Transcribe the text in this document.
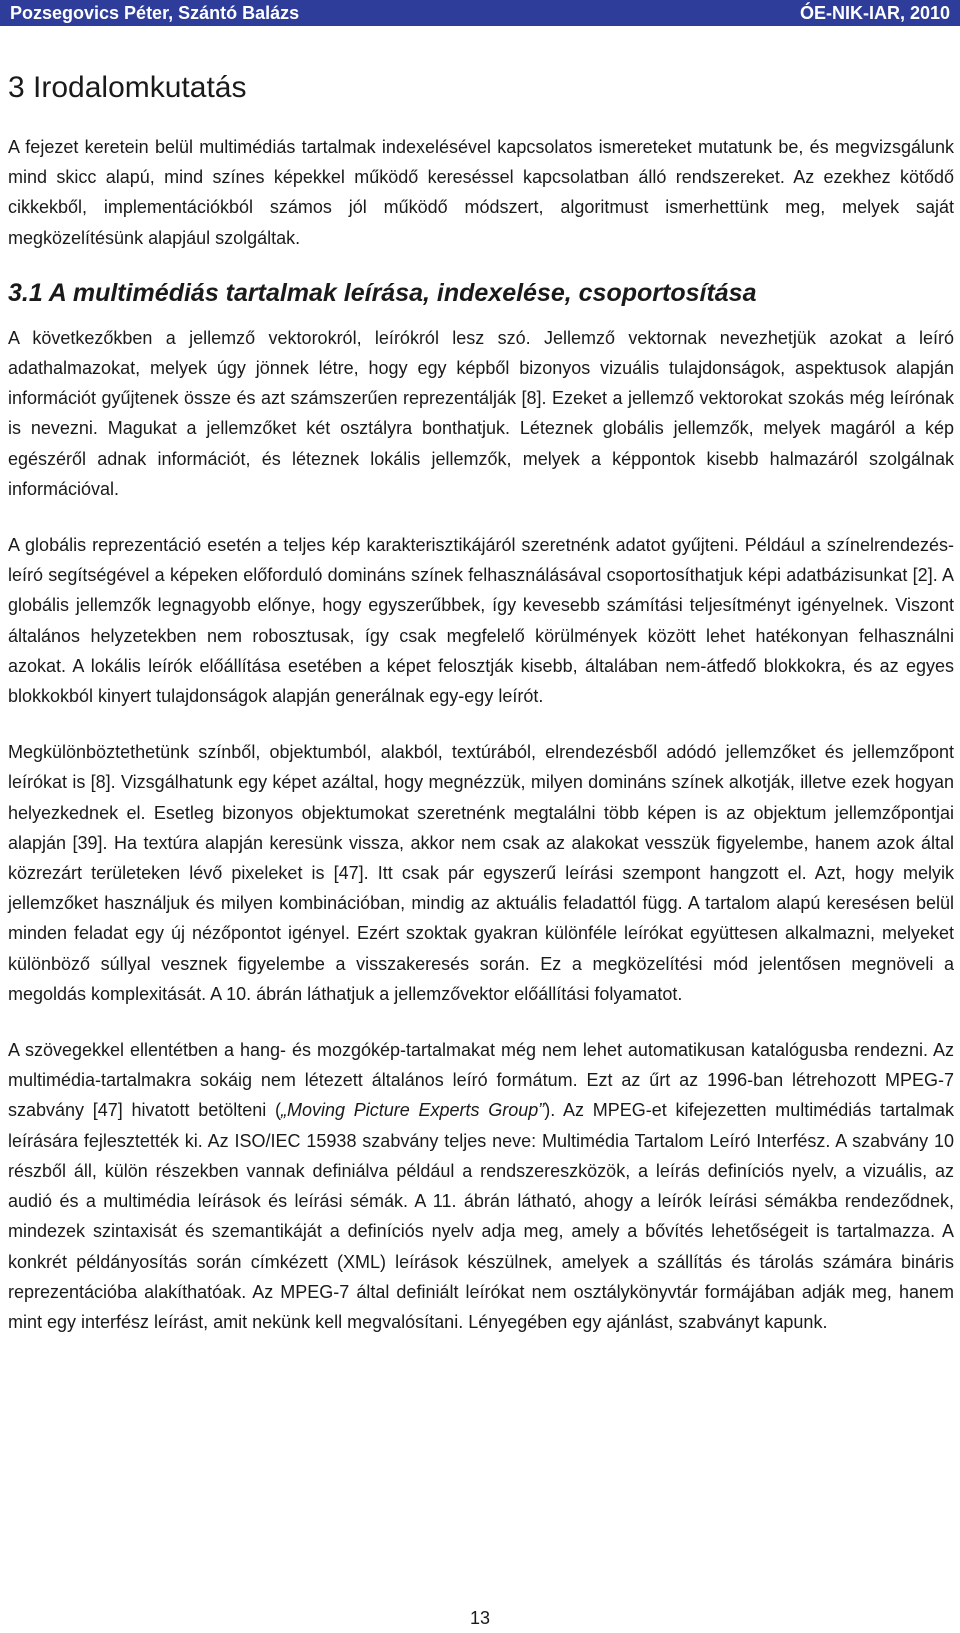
Pozsegovics Péter, Szántó Balázs	ÓE-NIK-IAR, 2010
3 Irodalomkutatás

A fejezet keretein belül multimédiás tartalmak indexelésével kapcsolatos ismereteket mutatunk be, és megvizsgálunk mind skicc alapú, mind színes képekkel működő kereséssel kapcsolatban álló rendszereket. Az ezekhez kötődő cikkekből, implementációkból számos jól működő módszert, algoritmust ismerhettünk meg, melyek saját megközelítésünk alapjául szolgáltak.

3.1 A multimédiás tartalmak leírása, indexelése, csoportosítása

A következőkben a jellemző vektorokról, leírókról lesz szó. Jellemző vektornak nevezhetjük azokat a leíró adathalmazokat, melyek úgy jönnek létre, hogy egy képből bizonyos vizuális tulajdonságok, aspektusok alapján információt gyűjtenek össze és azt számszerűen reprezentálják [8]. Ezeket a jellemző vektorokat szokás még leírónak is nevezni. Magukat a jellemzőket két osztályra bonthatjuk. Léteznek globális jellemzők, melyek magáról a kép egészéről adnak információt, és léteznek lokális jellemzők, melyek a képpontok kisebb halmazáról szolgálnak információval.

A globális reprezentáció esetén a teljes kép karakterisztikájáról szeretnénk adatot gyűjteni. Például a színelrendezés-leíró segítségével a képeken előforduló domináns színek felhasználásával csoportosíthatjuk képi adatbázisunkat [2]. A globális jellemzők legnagyobb előnye, hogy egyszerűbbek, így kevesebb számítási teljesítményt igényelnek. Viszont általános helyzetekben nem robosztusak, így csak megfelelő körülmények között lehet hatékonyan felhasználni azokat. A lokális leírók előállítása esetében a képet felosztják kisebb, általában nem-átfedő blokkokra, és az egyes blokkokból kinyert tulajdonságok alapján generálnak egy-egy leírót.

Megkülönböztethetünk színből, objektumból, alakból, textúrából, elrendezésből adódó jellemzőket és jellemzőpont leírókat is [8]. Vizsgálhatunk egy képet azáltal, hogy megnézzük, milyen domináns színek alkotják, illetve ezek hogyan helyezkednek el. Esetleg bizonyos objektumokat szeretnénk megtalálni több képen is az objektum jellemzőpontjai alapján [39]. Ha textúra alapján keresünk vissza, akkor nem csak az alakokat vesszük figyelembe, hanem azok által közrezárt területeken lévő pixeleket is [47]. Itt csak pár egyszerű leírási szempont hangzott el. Azt, hogy melyik jellemzőket használjuk és milyen kombinációban, mindig az aktuális feladattól függ. A tartalom alapú keresésen belül minden feladat egy új nézőpontot igényel. Ezért szoktak gyakran különféle leírókat együttesen alkalmazni, melyeket különböző súllyal vesznek figyelembe a visszakeresés során. Ez a megközelítési mód jelentősen megnöveli a megoldás komplexitását. A 10. ábrán láthatjuk a jellemzővektor előállítási folyamatot.

A szövegekkel ellentétben a hang- és mozgókép-tartalmakat még nem lehet automatikusan katalógusba rendezni. Az multimédia-tartalmakra sokáig nem létezett általános leíró formátum. Ezt az űrt az 1996-ban létrehozott MPEG-7 szabvány [47] hivatott betölteni („Moving Picture Experts Group”). Az MPEG-et kifejezetten multimédiás tartalmak leírására fejlesztették ki. Az ISO/IEC 15938 szabvány teljes neve: Multimédia Tartalom Leíró Interfész. A szabvány 10 részből áll, külön részekben vannak definiálva például a rendszereszközök, a leírás definíciós nyelv, a vizuális, az audió és a multimédia leírások és leírási sémák. A 11. ábrán látható, ahogy a leírók leírási sémákba rendeződnek, mindezek szintaxisát és szemantikáját a definíciós nyelv adja meg, amely a bővítés lehetőségeit is tartalmazza. A konkrét példányosítás során címkézett (XML) leírások készülnek, amelyek a szállítás és tárolás számára bináris reprezentációba alakíthatóak. Az MPEG-7 által definiált leírókat nem osztálykönyvtár formájában adják meg, hanem mint egy interfész leírást, amit nekünk kell megvalósítani. Lényegében egy ajánlást, szabványt kapunk.

13
